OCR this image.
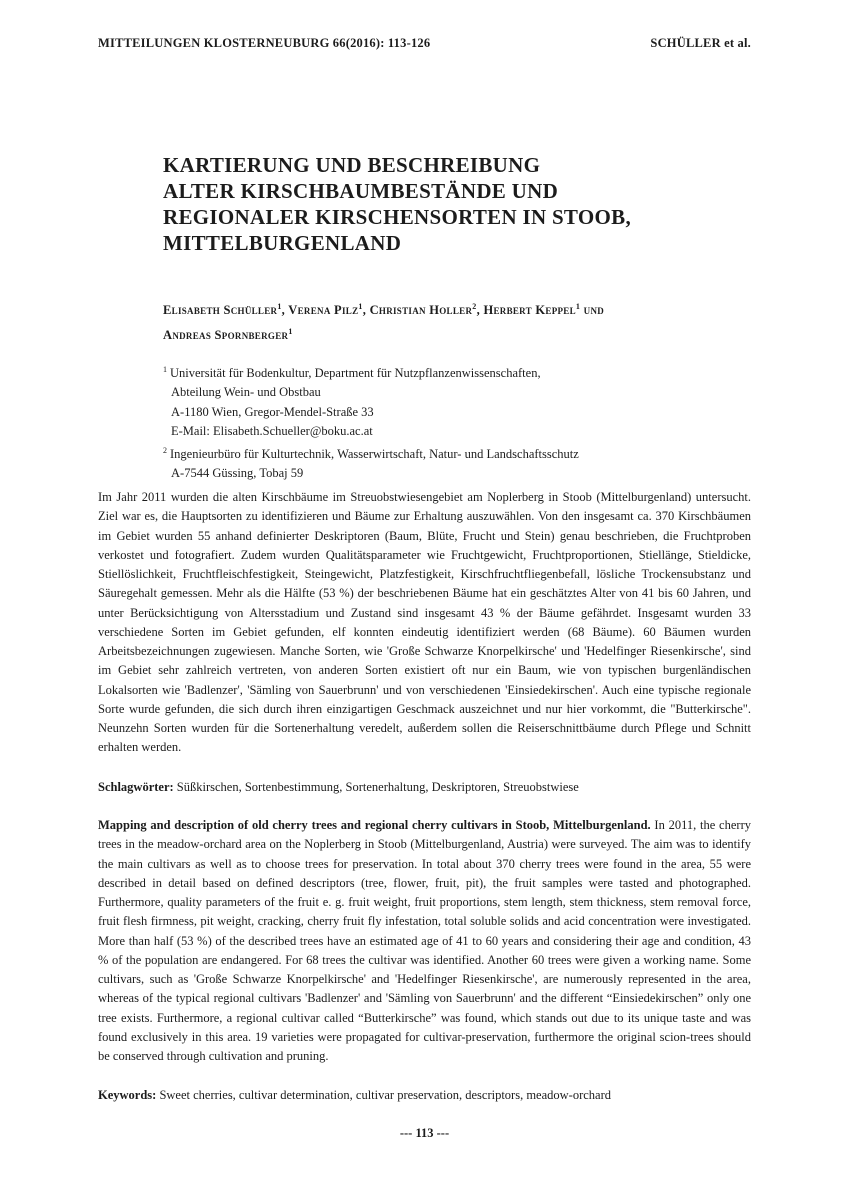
MITTEILUNGEN KLOSTERNEUBURG 66(2016): 113-126	SCHÜLLER et al.
KARTIERUNG UND BESCHREIBUNG
ALTER KIRSCHBAUMBESTÄNDE UND
REGIONALER KIRSCHENSORTEN IN STOOB,
MITTELBURGENLAND

Elisabeth Schüller$^1$, Verena Pilz$^1$, Christian Holler$^2$, Herbert Keppel$^1$ und
Andreas Spornberger$^1$

$^1$ Universität für Bodenkultur, Department für Nutzpflanzenwissenschaften,
Abteilung Wein- und Obstbau
A-1180 Wien, Gregor-Mendel-Straße 33
E-Mail: Elisabeth.Schueller@boku.ac.at
$^2$ Ingenieurbüro für Kulturtechnik, Wasserwirtschaft, Natur- und Landschaftsschutz
A-7544 Güssing, Tobaj 59

Im Jahr 2011 wurden die alten Kirschbäume im Streuobstwiesengebiet am Noplerberg in Stoob (Mittelburgenland) untersucht. Ziel war es, die Hauptsorten zu identifizieren und Bäume zur Erhaltung auszuwählen. Von den insgesamt ca. 370 Kirschbäumen im Gebiet wurden 55 anhand definierter Deskriptoren (Baum, Blüte, Frucht und Stein) genau beschrieben, die Fruchtproben verkostet und fotografiert. Zudem wurden Qualitätsparameter wie Fruchtgewicht, Fruchtproportionen, Stiellänge, Stieldicke, Stiellöslichkeit, Fruchtfleischfestigkeit, Steingewicht, Platzfestigkeit, Kirschfruchtfliegenbefall, lösliche Trockensubstanz und Säuregehalt gemessen. Mehr als die Hälfte (53 %) der beschriebenen Bäume hat ein geschätztes Alter von 41 bis 60 Jahren, und unter Berücksichtigung von Altersstadium und Zustand sind insgesamt 43 % der Bäume gefährdet. Insgesamt wurden 33 verschiedene Sorten im Gebiet gefunden, elf konnten eindeutig identifiziert werden (68 Bäume). 60 Bäumen wurden Arbeitsbezeichnungen zugewiesen. Manche Sorten, wie 'Große Schwarze Knorpelkirsche' und 'Hedelfinger Riesenkirsche', sind im Gebiet sehr zahlreich vertreten, von anderen Sorten existiert oft nur ein Baum, wie von typischen burgenländischen Lokalsorten wie 'Badlenzer', 'Sämling von Sauerbrunn' und von verschiedenen 'Einsiedekirschen'. Auch eine typische regionale Sorte wurde gefunden, die sich durch ihren einzigartigen Geschmack auszeichnet und nur hier vorkommt, die "Butterkirsche". Neunzehn Sorten wurden für die Sortenerhaltung veredelt, außerdem sollen die Reiserschnittbäume durch Pflege und Schnitt erhalten werden.

Schlagwörter: Süßkirschen, Sortenbestimmung, Sortenerhaltung, Deskriptoren, Streuobstwiese

Mapping and description of old cherry trees and regional cherry cultivars in Stoob, Mittelburgenland. In 2011, the cherry trees in the meadow-orchard area on the Noplerberg in Stoob (Mittelburgenland, Austria) were surveyed. The aim was to identify the main cultivars as well as to choose trees for preservation. In total about 370 cherry trees were found in the area, 55 were described in detail based on defined descriptors (tree, flower, fruit, pit), the fruit samples were tasted and photographed. Furthermore, quality parameters of the fruit e. g. fruit weight, fruit proportions, stem length, stem thickness, stem removal force, fruit flesh firmness, pit weight, cracking, cherry fruit fly infestation, total soluble solids and acid concentration were investigated. More than half (53 %) of the described trees have an estimated age of 41 to 60 years and considering their age and condition, 43 % of the population are endangered. For 68 trees the cultivar was identified. Another 60 trees were given a working name. Some cultivars, such as 'Große Schwarze Knorpelkirsche' and 'Hedelfinger Riesenkirsche', are numerously represented in the area, whereas of the typical regional cultivars 'Badlenzer' and 'Sämling von Sauerbrunn' and the different “Einsiedekirschen” only one tree exists. Furthermore, a regional cultivar called “Butterkirsche” was found, which stands out due to its unique taste and was found exclusively in this area. 19 varieties were propagated for cultivar-preservation, furthermore the original scion-trees should be conserved through cultivation and pruning.

Keywords: Sweet cherries, cultivar determination, cultivar preservation, descriptors, meadow-orchard
--- 113 ---
